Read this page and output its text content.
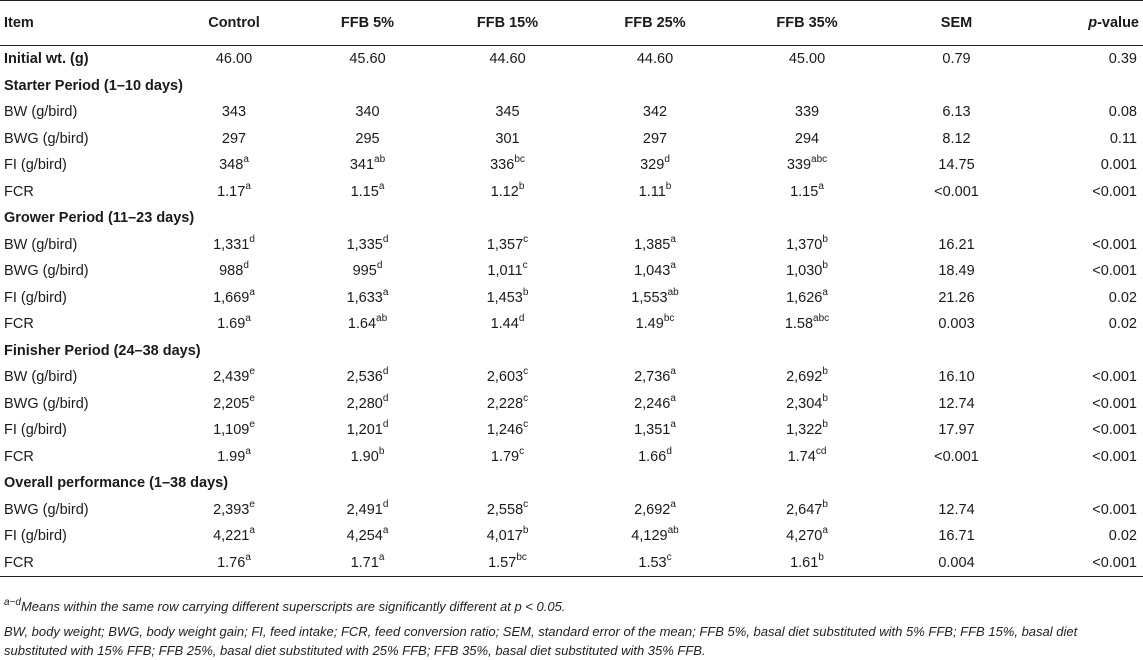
Item	Control	FFB 5%	FFB 15%	FFB 25%	FFB 35%	SEM	p-value
Initial wt. (g)	46.00	45.60	44.60	44.60	45.00	0.79	0.39
Starter Period (1–10 days)							
BW (g/bird)	343	340	345	342	339	6.13	0.08
BWG (g/bird)	297	295	301	297	294	8.12	0.11
FI (g/bird)	348$^a$	$341^{ab}$	$336^{bc}$	329$^d$	$339^{abc}$	14.75	0.001
FCR	1.17$^a$	1.15$^a$	1.12$^b$	1.11$^b$	1.15$^a$	<0.001	<0.001
Grower Period (11–23 days)							
BW (g/bird)	1,331$^d$	1,335$^d$	1,357$^c$	1,385$^a$	1,370$^b$	16.21	<0.001
BWG (g/bird)	988$^d$	995$^d$	1,011$^c$	1,043$^a$	1,030$^b$	18.49	<0.001
FI (g/bird)	1,669$^a$	1,633$^a$	1,453$^b$	1,553$^{ab}$	1,626$^a$	21.26	0.02
FCR	1.69$^a$	1.64$^{ab}$	1.44$^d$	1.49$^{bc}$	1.58$^{abc}$	0.003	0.02
Finisher Period (24–38 days)							
BW (g/bird)	2,439e	2,536$^d$	2,603$^c$	2,736$^a$	2,692$^b$	16.10	<0.001
BWG (g/bird)	2,205e	2,280$^d$	2,228$^c$	2,246$^a$	2,304$^b$	12.74	<0.001
FI (g/bird)	1,109e	1,201$^d$	1,246$^c$	1,351$^a$	1,322$^b$	17.97	<0.001
FCR	1.99$^a$	1.90$^b$	1.79$^c$	1.66$^d$	1.74$^{cd}$	<0.001	<0.001
Overall performance (1–38 days)							
BWG (g/bird)	2,393e	2,491$^d$	2,558$^c$	2,692$^a$	2,647$^b$	12.74	<0.001
FI (g/bird)	4,221$^a$	4,254$^a$	4,017$^b$	4,129$^{ab}$	4,270$^a$	16.71	0.02
FCR	1.76$^a$	1.71$^a$	1.57$^{bc}$	1.53$^c$	1.61$^b$	0.004	<0.001

$^{a-d}$Means within the same row carrying different superscripts are significantly different at p < 0.05.

BW, body weight; BWG, body weight gain; FI, feed intake; FCR, feed conversion ratio; SEM, standard error of the mean; FFB 5%, basal diet substituted with 5% FFB; FFB 15%, basal diet substituted with 15% FFB; FFB 25%, basal diet substituted with 25% FFB; FFB 35%, basal diet substituted with 35% FFB.
